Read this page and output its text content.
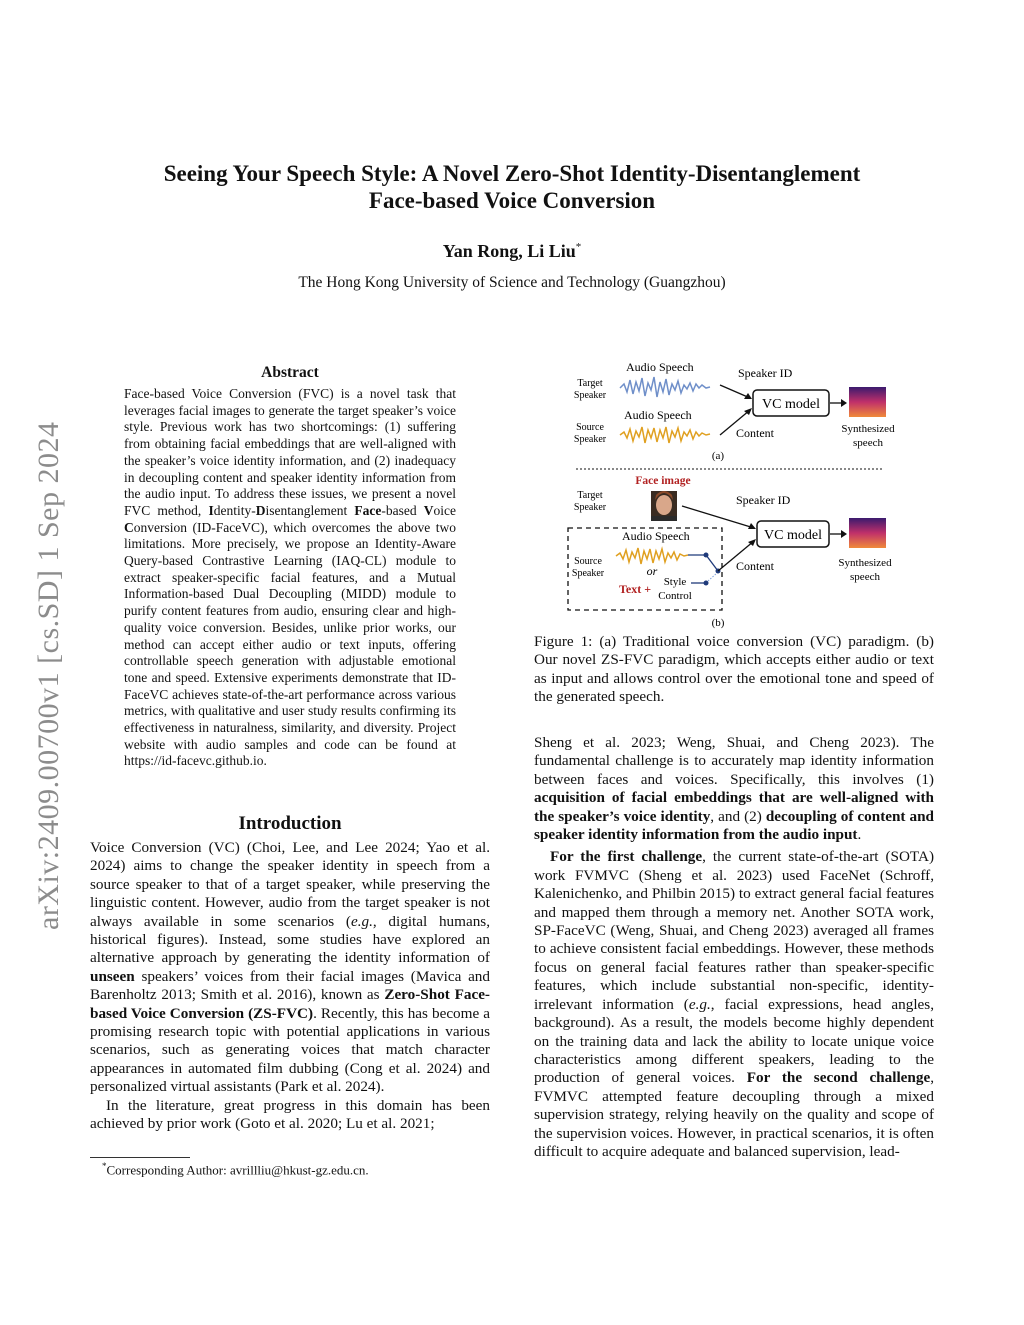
arXiv:2409.00700v1 [cs.SD] 1 Sep 2024
Seeing Your Speech Style: A Novel Zero-Shot Identity-Disentanglement
Face-based Voice Conversion
Yan Rong, Li Liu*
The Hong Kong University of Science and Technology (Guangzhou)
Abstract
Face-based Voice Conversion (FVC) is a novel task that leverages facial images to generate the target speaker’s voice style. Previous work has two shortcomings: (1) suffering from obtaining facial embeddings that are well-aligned with the speaker’s voice identity information, and (2) inadequacy in decoupling content and speaker identity information from the audio input. To address these issues, we present a novel FVC method, Identity-Disentanglement Face-based Voice Conversion (ID-FaceVC), which overcomes the above two limitations. More precisely, we propose an Identity-Aware Query-based Contrastive Learning (IAQ-CL) module to extract speaker-specific facial features, and a Mutual Information-based Dual Decoupling (MIDD) module to purify content features from audio, ensuring clear and high-quality voice conversion. Besides, unlike prior works, our method can accept either audio or text inputs, offering controllable speech generation with adjustable emotional tone and speed. Extensive experiments demonstrate that ID-FaceVC achieves state-of-the-art performance across various metrics, with qualitative and user study results confirming its effectiveness in naturalness, similarity, and diversity. Project website with audio samples and code can be found at https://id-facevc.github.io.
Introduction

Voice Conversion (VC) (Choi, Lee, and Lee 2024; Yao et al. 2024) aims to change the speaker identity in speech from a source speaker to that of a target speaker, while preserving the linguistic content. However, audio from the target speaker is not always available in some scenarios (e.g., digital humans, historical figures). Instead, some studies have explored an alternative approach by generating the identity information of unseen speakers’ voices from their facial images (Mavica and Barenholtz 2013; Smith et al. 2016), known as Zero-Shot Face-based Voice Conversion (ZS-FVC). Recently, this has become a promising research topic with potential applications in various scenarios, such as generating voices that match character appearances in automated film dubbing (Cong et al. 2024) and personalized virtual assistants (Park et al. 2024).

In the literature, great progress in this domain has been achieved by prior work (Goto et al. 2020; Lu et al. 2021;

*Corresponding Author: avrillliu@hkust-gz.edu.cn.
Target
Speaker
Audio Speech
Audio Speech
Source
Speaker
Speaker ID
VC model
Content	Synthesized
speech
(a)
Face image
Target
Speaker
Speaker ID
VC model
Audio Speech
Source
Speaker	or
Text + Style
Control
Content	Synthesized
speech
(b)
Figure 1: (a) Traditional voice conversion (VC) paradigm. (b) Our novel ZS-FVC paradigm, which accepts either audio or text as input and allows control over the emotional tone and speed of the generated speech.

Sheng et al. 2023; Weng, Shuai, and Cheng 2023). The fundamental challenge is to accurately map identity information between faces and voices. Specifically, this involves (1) acquisition of facial embeddings that are well-aligned with the speaker’s voice identity, and (2) decoupling of content and speaker identity information from the audio input.

For the first challenge, the current state-of-the-art (SOTA) work FVMVC (Sheng et al. 2023) used FaceNet (Schroff, Kalenichenko, and Philbin 2015) to extract general facial features and mapped them through a memory net. Another SOTA work, SP-FaceVC (Weng, Shuai, and Cheng 2023) averaged all frames to achieve consistent facial embeddings. However, these methods focus on general facial features rather than speaker-specific features, which include substantial non-specific, identity-irrelevant information (e.g., facial expressions, head angles, background). As a result, the models become highly dependent on the training data and lack the ability to locate unique voice characteristics among different speakers, leading to the production of general voices. For the second challenge, FVMVC attempted feature decoupling through a mixed supervision strategy, relying heavily on the quality and scope of the supervision voices. However, in practical scenarios, it is often difficult to acquire adequate and balanced supervision, lead-
